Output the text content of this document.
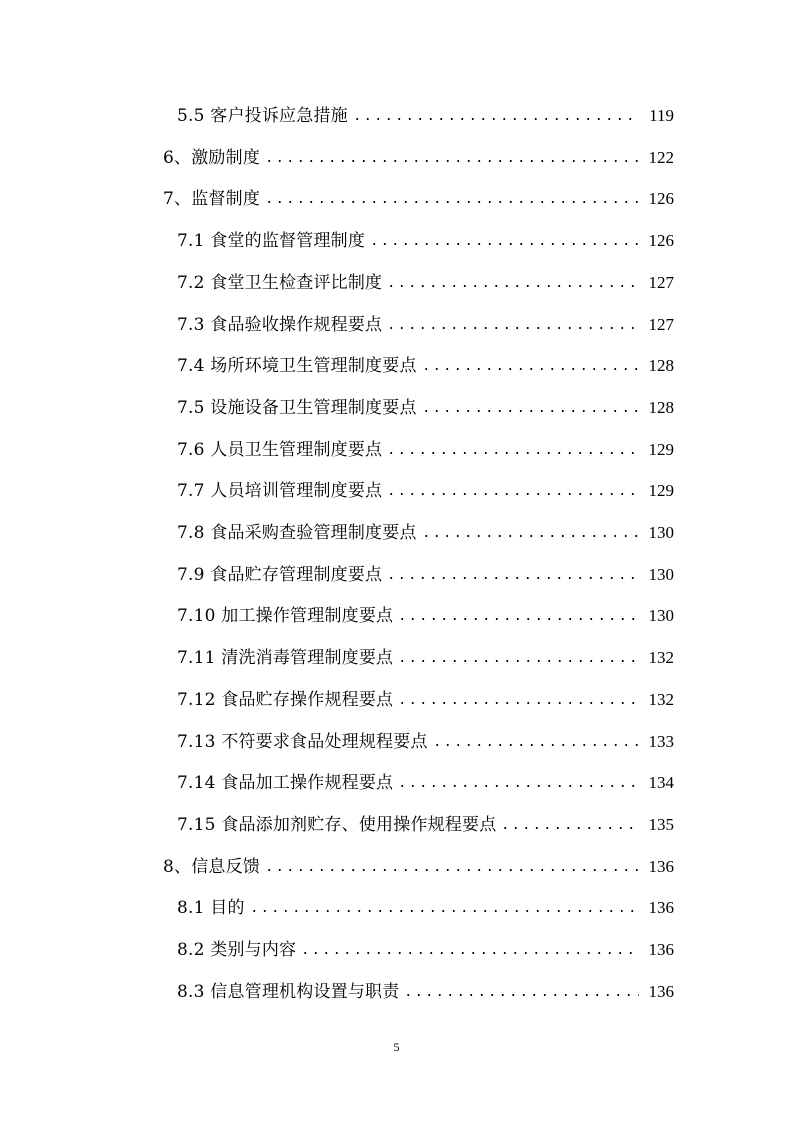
5.5 客户投诉应急措施	119
6、激励制度	122
7、监督制度	126
7.1 食堂的监督管理制度	126
7.2 食堂卫生检查评比制度	127
7.3 食品验收操作规程要点	127
7.4 场所环境卫生管理制度要点	128
7.5 设施设备卫生管理制度要点	128
7.6 人员卫生管理制度要点	129
7.7 人员培训管理制度要点	129
7.8 食品采购查验管理制度要点	130
7.9 食品贮存管理制度要点	130
7.10 加工操作管理制度要点	130
7.11 清洗消毒管理制度要点	132
7.12 食品贮存操作规程要点	132
7.13 不符要求食品处理规程要点	133
7.14 食品加工操作规程要点	134
7.15 食品添加剂贮存、使用操作规程要点	135
8、信息反馈	136
8.1 目的	136
8.2 类别与内容	136
8.3 信息管理机构设置与职责	136
5
